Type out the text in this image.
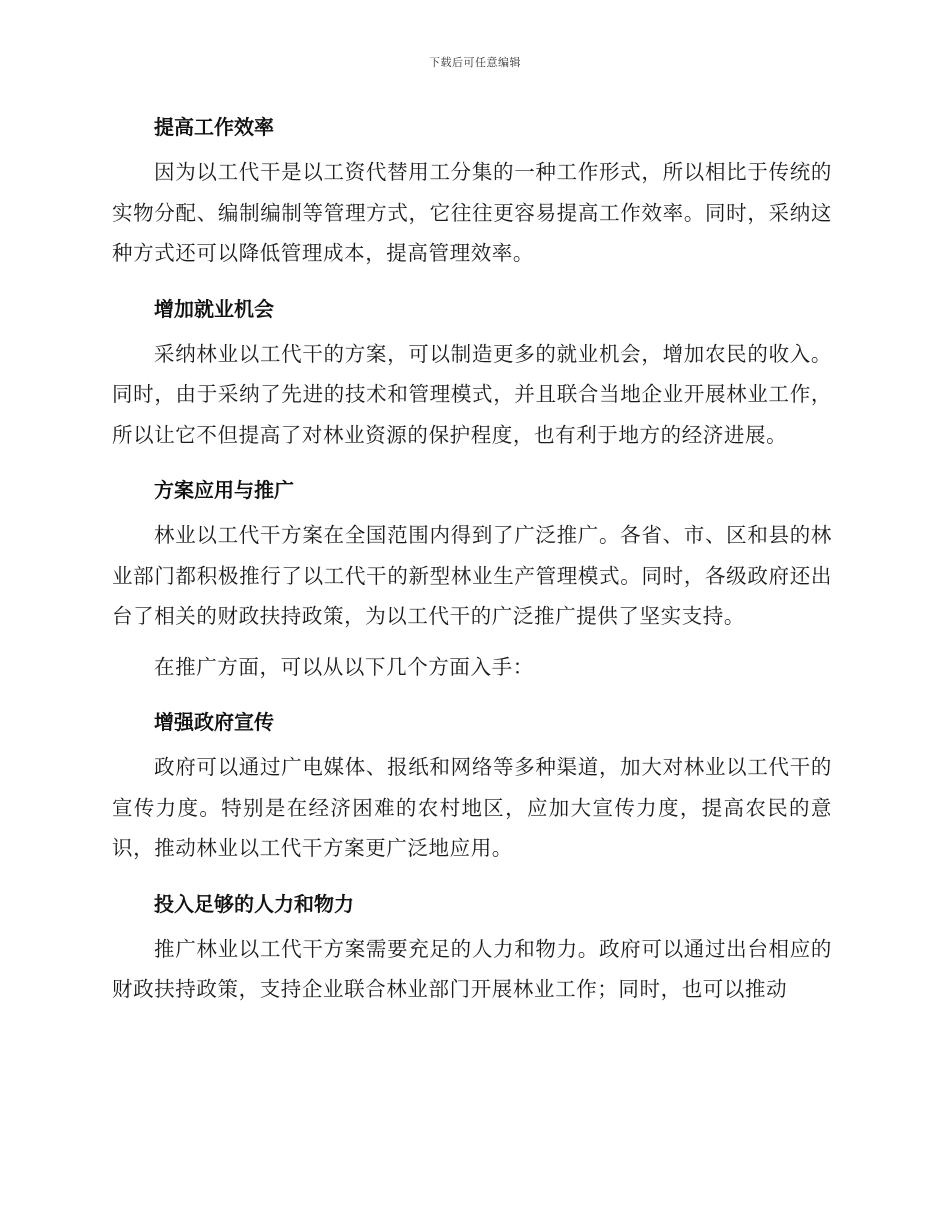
下载后可任意编辑
提高工作效率

因为以工代干是以工资代替用工分集的一种工作形式，所以相比于传统的实物分配、编制编制等管理方式，它往往更容易提高工作效率。同时，采纳这种方式还可以降低管理成本，提高管理效率。

增加就业机会

采纳林业以工代干的方案，可以制造更多的就业机会，增加农民的收入。同时，由于采纳了先进的技术和管理模式，并且联合当地企业开展林业工作，所以让它不但提高了对林业资源的保护程度，也有利于地方的经济进展。

方案应用与推广

林业以工代干方案在全国范围内得到了广泛推广。各省、市、区和县的林业部门都积极推行了以工代干的新型林业生产管理模式。同时，各级政府还出台了相关的财政扶持政策，为以工代干的广泛推广提供了坚实支持。

在推广方面，可以从以下几个方面入手：

增强政府宣传

政府可以通过广电媒体、报纸和网络等多种渠道，加大对林业以工代干的宣传力度。特别是在经济困难的农村地区，应加大宣传力度，提高农民的意识，推动林业以工代干方案更广泛地应用。

投入足够的人力和物力

推广林业以工代干方案需要充足的人力和物力。政府可以通过出台相应的财政扶持政策，支持企业联合林业部门开展林业工作；同时，也可以推动
